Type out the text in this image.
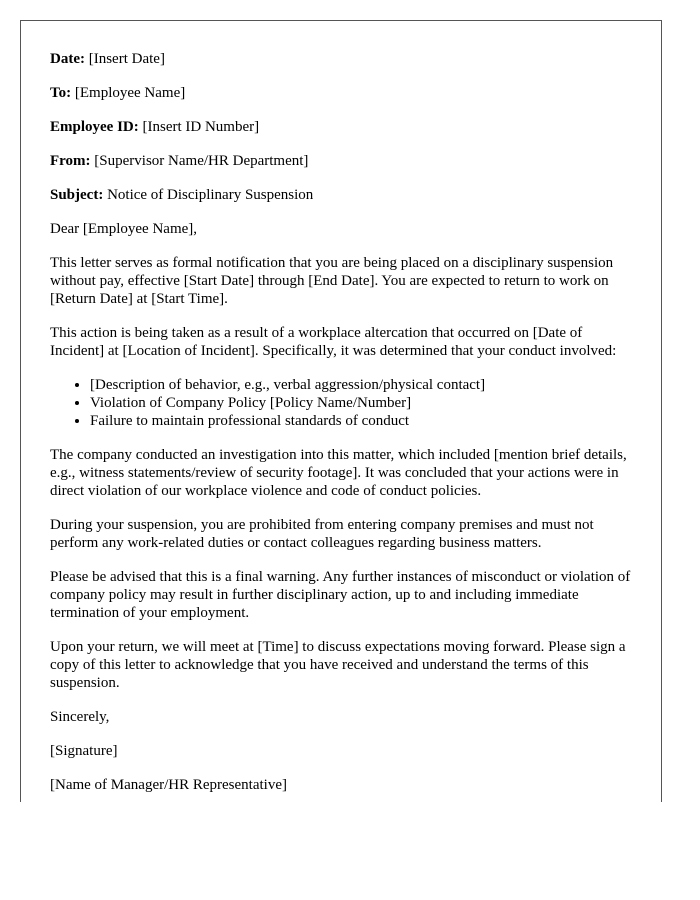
Date: [Insert Date]

To: [Employee Name]

Employee ID: [Insert ID Number]

From: [Supervisor Name/HR Department]

Subject: Notice of Disciplinary Suspension

Dear [Employee Name],

This letter serves as formal notification that you are being placed on a disciplinary suspension without pay, effective [Start Date] through [End Date]. You are expected to return to work on [Return Date] at [Start Time].

This action is being taken as a result of a workplace altercation that occurred on [Date of Incident] at [Location of Incident]. Specifically, it was determined that your conduct involved:

• [Description of behavior, e.g., verbal aggression/physical contact]
• Violation of Company Policy [Policy Name/Number]
• Failure to maintain professional standards of conduct

The company conducted an investigation into this matter, which included [mention brief details, e.g., witness statements/review of security footage]. It was concluded that your actions were in direct violation of our workplace violence and code of conduct policies.

During your suspension, you are prohibited from entering company premises and must not perform any work-related duties or contact colleagues regarding business matters.

Please be advised that this is a final warning. Any further instances of misconduct or violation of company policy may result in further disciplinary action, up to and including immediate termination of your employment.

Upon your return, we will meet at [Time] to discuss expectations moving forward. Please sign a copy of this letter to acknowledge that you have received and understand the terms of this suspension.

Sincerely,

[Signature]

[Name of Manager/HR Representative]
